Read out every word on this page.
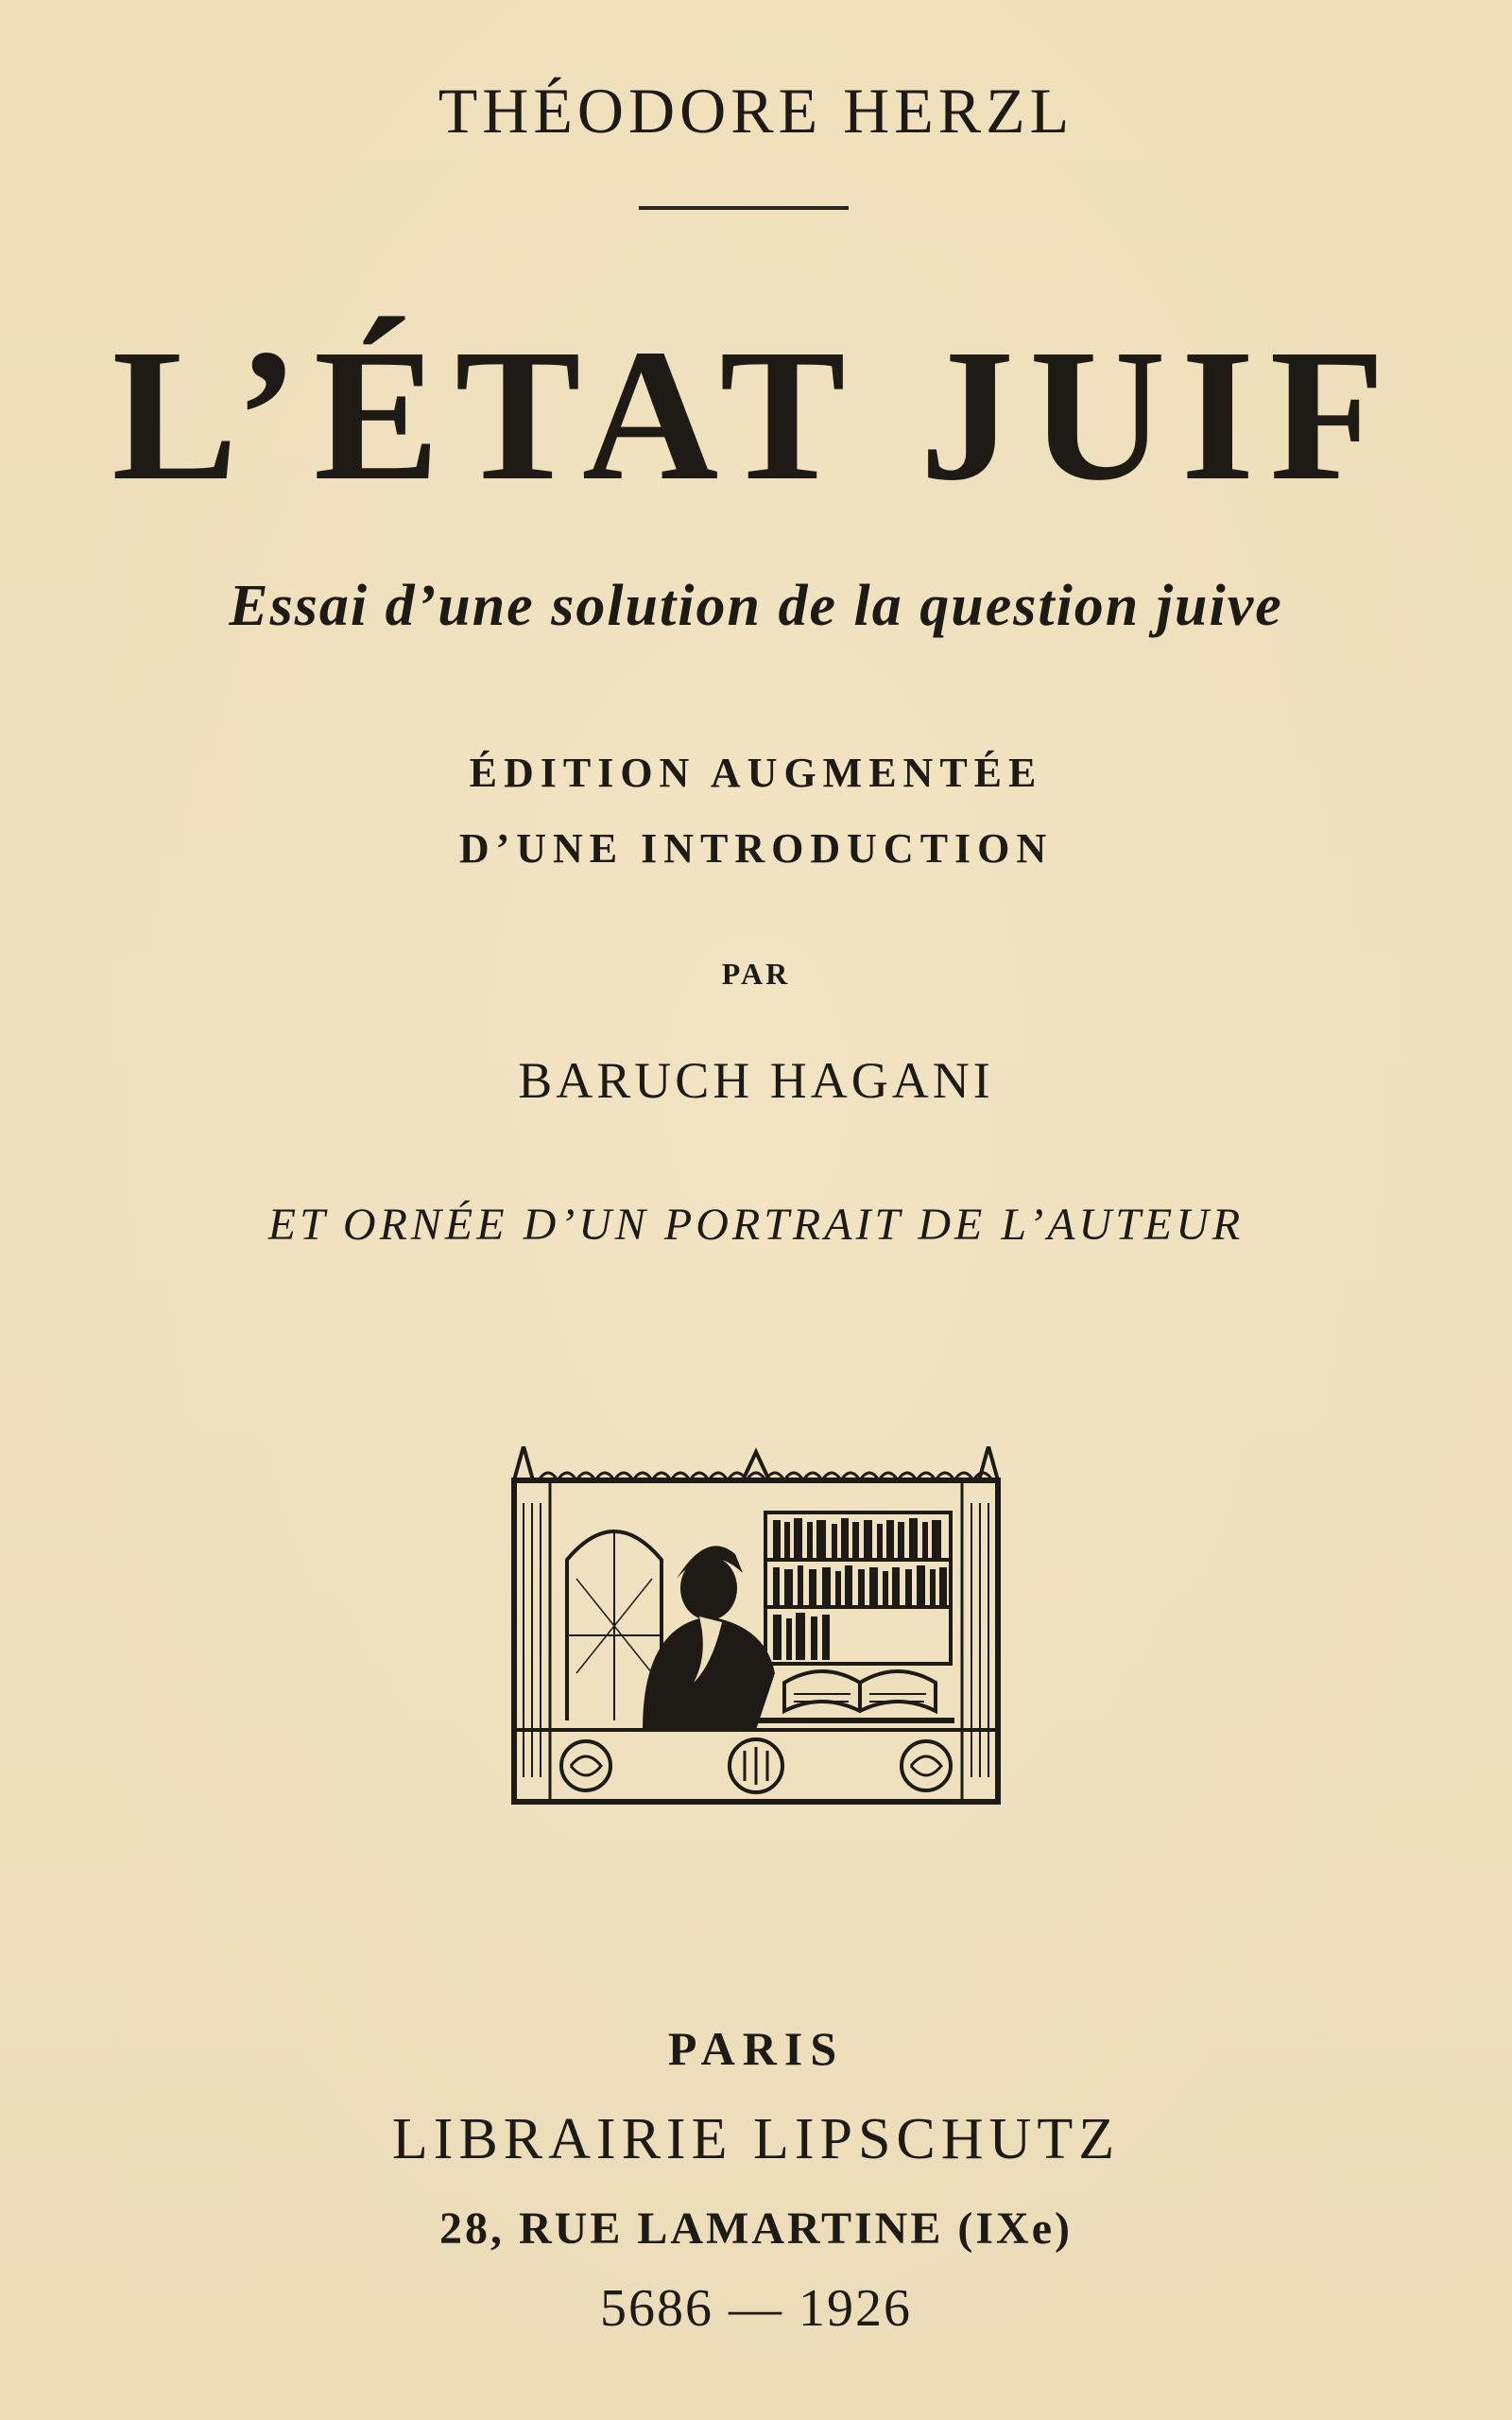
THÉODORE HERZL
L’ÉTAT JUIF
Essai d’une solution de la question juive
ÉDITION AUGMENTÉE
D’UNE INTRODUCTION
PAR
BARUCH HAGANI
ET ORNÉE D’UN PORTRAIT DE L’AUTEUR
PARIS
LIBRAIRIE LIPSCHUTZ
28, RUE LAMARTINE (IXe)
5686 — 1926
